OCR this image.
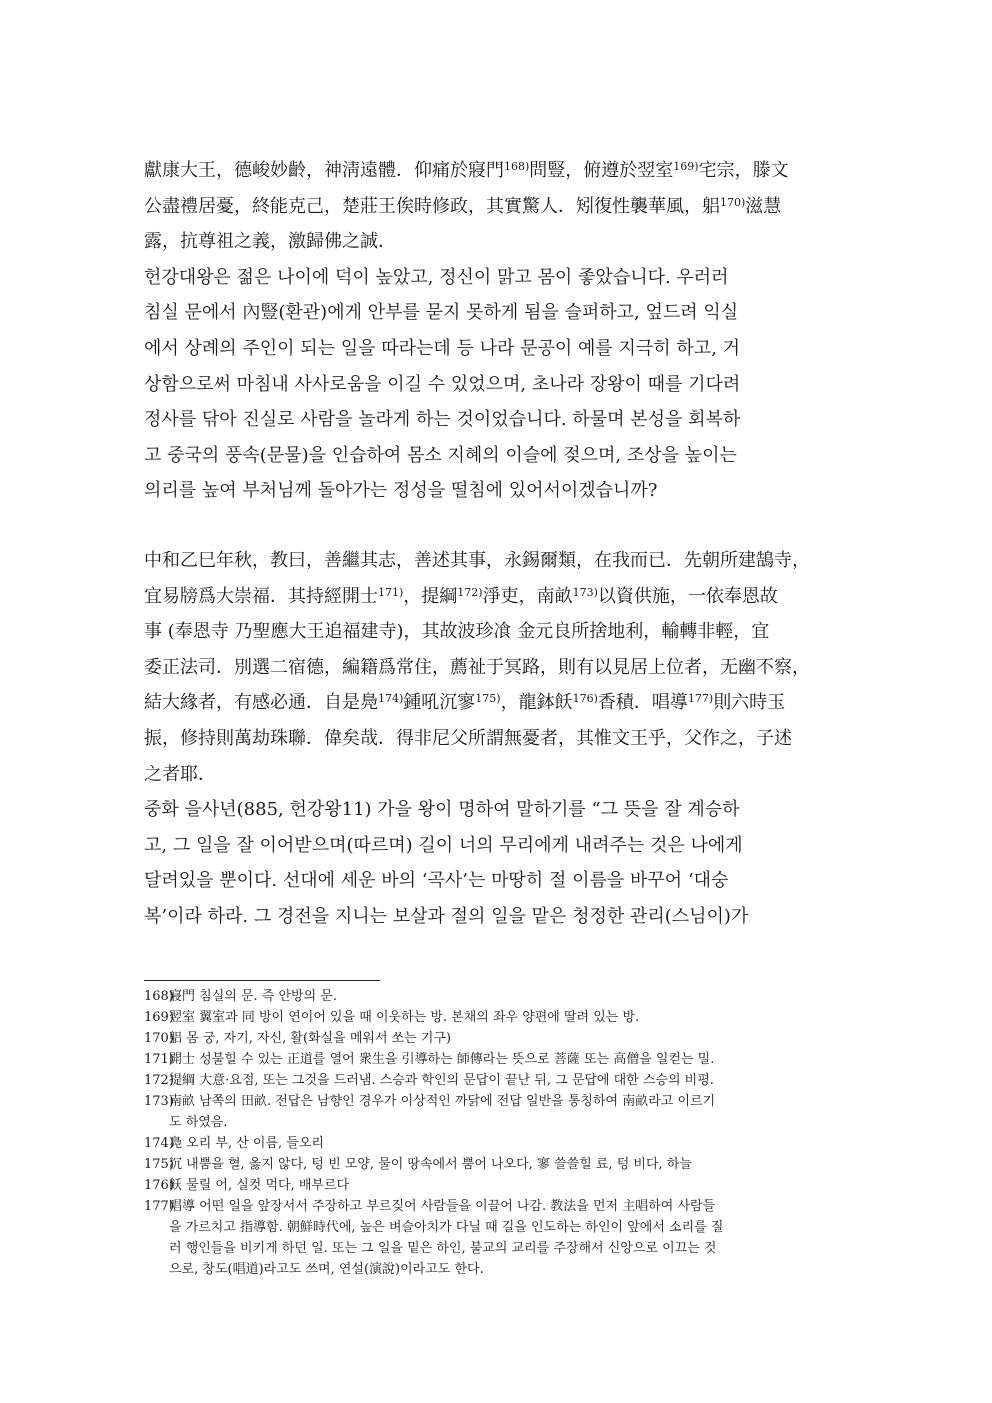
獻康大王，德峻妙齡，神淸遠體．仰痛於寢門$^{168)}$問豎，俯遵於翌室$^{169)}$宅宗，滕文
公盡禮居憂，終能克己，楚莊王俟時修政，其實驚人．矧復性襲華風，躳$^{170)}$滋慧
露，抗尊祖之義，激歸佛之誠．
헌강대왕은 젊은 나이에 덕이 높았고, 정신이 맑고 몸이 좋았습니다. 우러러
침실 문에서 內豎(환관)에게 안부를 묻지 못하게 됨을 슬퍼하고, 엎드려 익실
에서 상례의 주인이 되는 일을 따라는데 등 나라 문공이 예를 지극히 하고, 거
상함으로써 마침내 사사로움을 이길 수 있었으며, 초나라 장왕이 때를 기다려
정사를 닦아 진실로 사람을 놀라게 하는 것이었습니다. 하물며 본성을 회복하
고 중국의 풍속(문물)을 인습하여 몸소 지혜의 이슬에 젖으며, 조상을 높이는
의리를 높여 부처님께 돌아가는 정성을 떨침에 있어서이겠습니까?
中和乙巳年秋，教曰，善繼其志，善述其事，永錫爾類，在我而已．先朝所建鵠寺，
宜易牓爲大崇福．其持經開士$^{171)}$，提綱$^{172)}$淨吏，南畝$^{173)}$以資供施，一依奉恩故
事 (奉恩寺 乃聖應大王追福建寺)，其故波珍飡 金元良所捨地利，輸轉非輕，宜
委正法司．別選二宿德，編籍爲常住，薦祉于冥路，則有以見居上位者，无幽不察，
結大緣者，有感必通．自是鳧$^{174)}$鍾吼沉寥$^{175)}$，龍鉢飫$^{176)}$香積．唱導$^{177)}$則六時玉
振，修持則萬劫珠聯．偉矣哉．得非尼父所謂無憂者，其惟文王乎，父作之，子述
之者耶．
중화 을사년(885, 헌강왕11) 가을 왕이 명하여 말하기를 “그 뜻을 잘 계승하
고, 그 일을 잘 이어받으며(따르며) 길이 너의 무리에게 내려주는 것은 나에게
달려있을 뿐이다. 선대에 세운 바의 ‘곡사’는 마땅히 절 이름을 바꾸어 ‘대숭
복’이라 하라. 그 경전을 지니는 보살과 절의 일을 맡은 청정한 관리(스님이)가
168)
寢門 침실의 문. 즉 안방의 문.
169)
翌室 翼室과 同 방이 연이어 있을 때 이웃하는 방. 본채의 좌우 양편에 딸려 있는 방.
170)
躳 몸 궁, 자기, 자신, 활(화실을 메워서 쏘는 기구)
171)
開士 성불힐 수 있는 正道를 열어 衆生을 引導하는 師傳라는 뜻으로 菩薩 또는 高僧을 일컫는 밀.
172)
提綱 大意·요점, 또는 그것을 드러냄. 스승과 학인의 문답이 끝난 뒤, 그 문답에 대한 스승의 비평.
173)
南畝 남쪽의 田畝. 전답은 남향인 경우가 이상적인 까닭에 전답 일반을 통칭하여 南畝라고 이르기
도 하였음.
174)
鳧 오리 부, 산 이름, 들오리
175)
沉 내뿜을 혈, 옳지 않다, 텅 빈 모양, 물이 땅속에서 뿜어 나오다, 寥 쓸쓸힐 료, 텅 비다, 하늘
176)
飫 물릴 어, 실컷 먹다, 배부르다
177)
唱導 어떤 일을 앞장서서 주장하고 부르짖어 사람들을 이끌어 나감. 教法을 먼저 主唱하여 사람들
을 가르치고 指導함. 朝鮮時代에, 높은 벼슬아치가 다닐 때 길을 인도하는 하인이 앞에서 소리를 질
러 행인들을 비키게 하던 일. 또는 그 일을 밑은 하인, 불교의 교리를 주장해서 신앙으로 이끄는 것
으로, 창도(唱道)라고도 쓰며, 연설(演說)이라고도 한다.
